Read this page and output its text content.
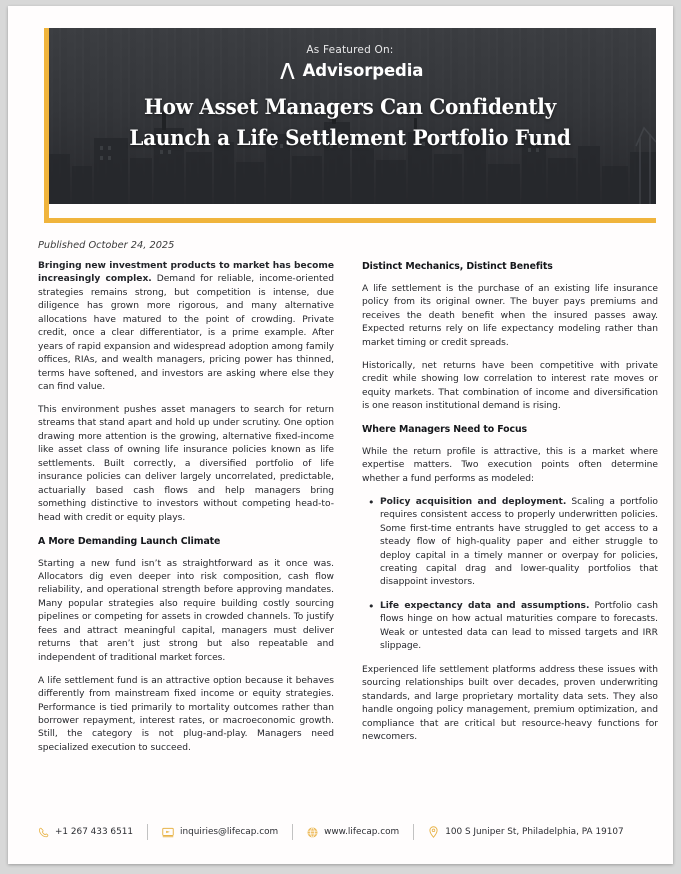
As Featured On:
Advisorpedia
How Asset Managers Can Confidently Launch a Life Settlement Portfolio Fund
Published October 24, 2025

Bringing new investment products to market has become increasingly complex. Demand for reliable, income-oriented strategies remains strong, but competition is intense, due diligence has grown more rigorous, and many alternative allocations have matured to the point of crowding. Private credit, once a clear differentiator, is a prime example. After years of rapid expansion and widespread adoption among family offices, RIAs, and wealth managers, pricing power has thinned, terms have softened, and investors are asking where else they can find value.

This environment pushes asset managers to search for return streams that stand apart and hold up under scrutiny. One option drawing more attention is the growing, alternative fixed-income like asset class of owning life insurance policies known as life settlements. Built correctly, a diversified portfolio of life insurance policies can deliver largely uncorrelated, predictable, actuarially based cash flows and help managers bring something distinctive to investors without competing head-to-head with credit or equity plays.

A More Demanding Launch Climate

Starting a new fund isn’t as straightforward as it once was. Allocators dig even deeper into risk composition, cash flow reliability, and operational strength before approving mandates. Many popular strategies also require building costly sourcing pipelines or competing for assets in crowded channels. To justify fees and attract meaningful capital, managers must deliver returns that aren’t just strong but also repeatable and independent of traditional market forces.

A life settlement fund is an attractive option because it behaves differently from mainstream fixed income or equity strategies. Performance is tied primarily to mortality outcomes rather than borrower repayment, interest rates, or macroeconomic growth. Still, the category is not plug-and-play. Managers need specialized execution to succeed.

Distinct Mechanics, Distinct Benefits

A life settlement is the purchase of an existing life insurance policy from its original owner. The buyer pays premiums and receives the death benefit when the insured passes away. Expected returns rely on life expectancy modeling rather than market timing or credit spreads.

Historically, net returns have been competitive with private credit while showing low correlation to interest rate moves or equity markets. That combination of income and diversification is one reason institutional demand is rising.

Where Managers Need to Focus

While the return profile is attractive, this is a market where expertise matters. Two execution points often determine whether a fund performs as modeled:

• Policy acquisition and deployment. Scaling a portfolio requires consistent access to properly underwritten policies. Some first-time entrants have struggled to get access to a steady flow of high-quality paper and either struggle to deploy capital in a timely manner or overpay for policies, creating capital drag and lower-quality portfolios that disappoint investors.
• Life expectancy data and assumptions. Portfolio cash flows hinge on how actual maturities compare to forecasts. Weak or untested data can lead to missed targets and IRR slippage.

Experienced life settlement platforms address these issues with sourcing relationships built over decades, proven underwriting standards, and large proprietary mortality data sets. They also handle ongoing policy management, premium optimization, and compliance that are critical but resource-heavy functions for newcomers.

+1 267 433 6511	inquiries@lifecap.com	www.lifecap.com	100 S Juniper St, Philadelphia, PA 19107
